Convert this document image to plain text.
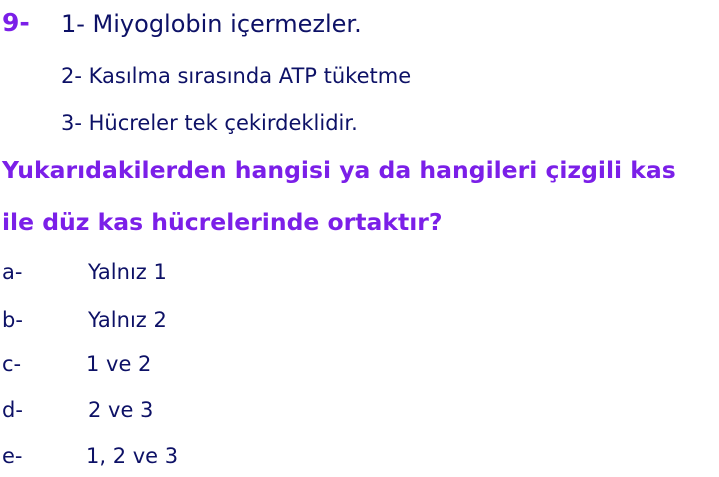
9- 1- Miyoglobin içermezler.
2- Kasılma sırasında ATP tüketme
3- Hücreler tek çekirdeklidir.
Yukarıdakilerden hangisi ya da hangileri çizgili kas
ile düz kas hücrelerinde ortaktır?
a-	Yalnız 1
b-	Yalnız 2
c-	1 ve 2
d-	2 ve 3
e-	1, 2 ve 3
